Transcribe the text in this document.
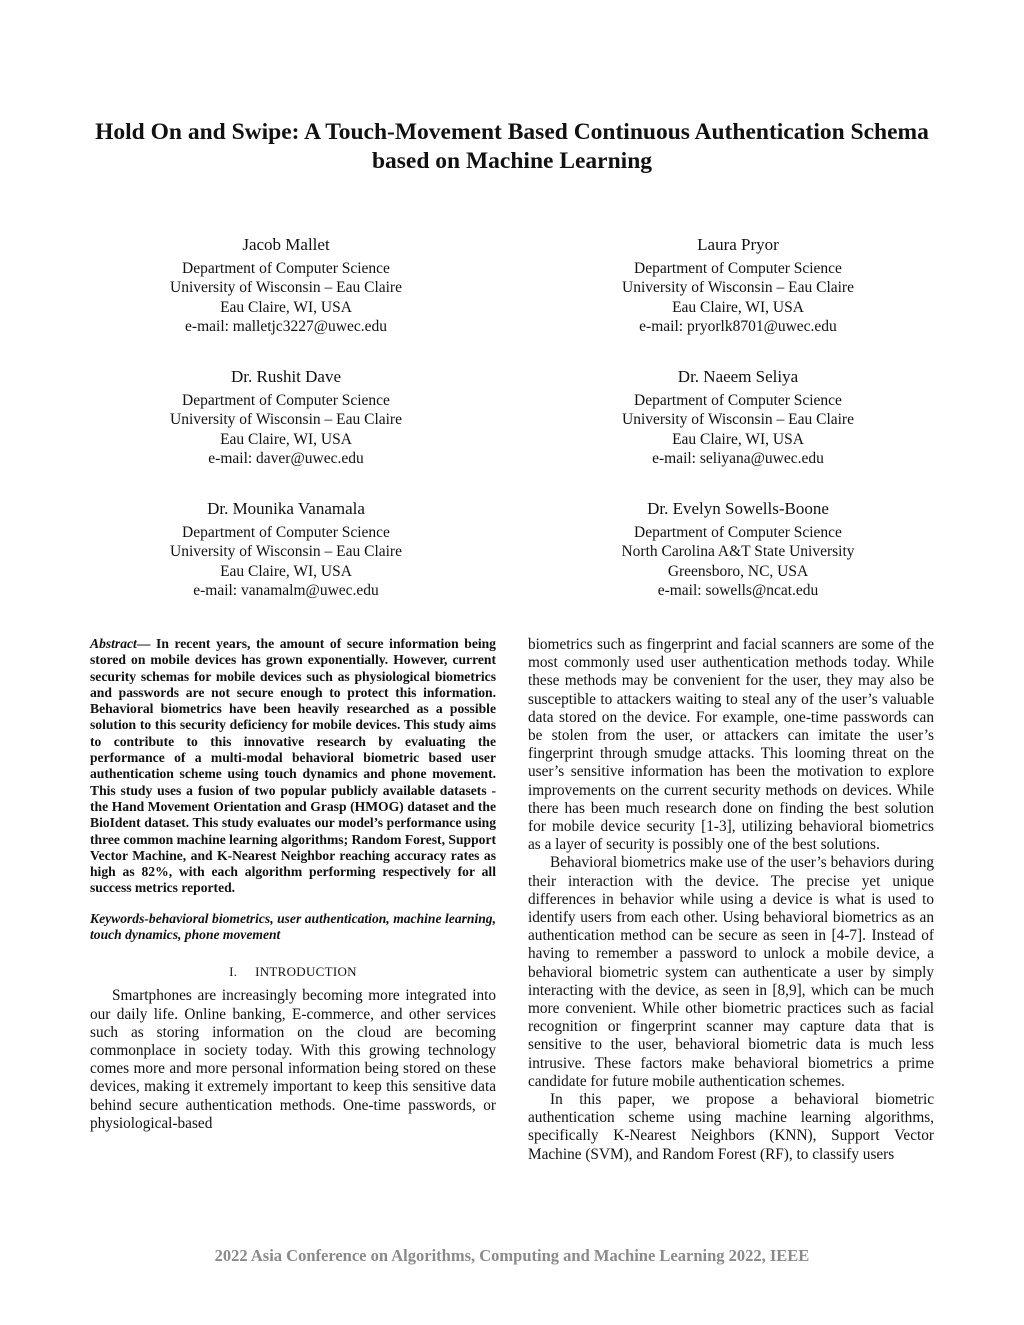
Hold On and Swipe: A Touch-Movement Based Continuous Authentication Schema
based on Machine Learning
Jacob Mallet
Department of Computer Science
University of Wisconsin – Eau Claire
Eau Claire, WI, USA
e-mail: malletjc3227@uwec.edu
Laura Pryor
Department of Computer Science
University of Wisconsin – Eau Claire
Eau Claire, WI, USA
e-mail: pryorlk8701@uwec.edu
Dr. Rushit Dave
Department of Computer Science
University of Wisconsin – Eau Claire
Eau Claire, WI, USA
e-mail: daver@uwec.edu
Dr. Naeem Seliya
Department of Computer Science
University of Wisconsin – Eau Claire
Eau Claire, WI, USA
e-mail: seliyana@uwec.edu
Dr. Mounika Vanamala
Department of Computer Science
University of Wisconsin – Eau Claire
Eau Claire, WI, USA
e-mail: vanamalm@uwec.edu
Dr. Evelyn Sowells-Boone
Department of Computer Science
North Carolina A&T State University
Greensboro, NC, USA
e-mail: sowells@ncat.edu

Abstract— In recent years, the amount of secure information being stored on mobile devices has grown exponentially. However, current security schemas for mobile devices such as physiological biometrics and passwords are not secure enough to protect this information. Behavioral biometrics have been heavily researched as a possible solution to this security deficiency for mobile devices. This study aims to contribute to this innovative research by evaluating the performance of a multi-modal behavioral biometric based user authentication scheme using touch dynamics and phone movement. This study uses a fusion of two popular publicly available datasets - the Hand Movement Orientation and Grasp (HMOG) dataset and the BioIdent dataset. This study evaluates our model’s performance using three common machine learning algorithms; Random Forest, Support Vector Machine, and K-Nearest Neighbor reaching accuracy rates as high as 82%, with each algorithm performing respectively for all success metrics reported.

Keywords-behavioral biometrics, user authentication, machine learning, touch dynamics, phone movement

I. INTRODUCTION

Smartphones are increasingly becoming more integrated into our daily life. Online banking, E-commerce, and other services such as storing information on the cloud are becoming commonplace in society today. With this growing technology comes more and more personal information being stored on these devices, making it extremely important to keep this sensitive data behind secure authentication methods. One-time passwords, or physiological-based

biometrics such as fingerprint and facial scanners are some of the most commonly used user authentication methods today. While these methods may be convenient for the user, they may also be susceptible to attackers waiting to steal any of the user’s valuable data stored on the device. For example, one-time passwords can be stolen from the user, or attackers can imitate the user’s fingerprint through smudge attacks. This looming threat on the user’s sensitive information has been the motivation to explore improvements on the current security methods on devices. While there has been much research done on finding the best solution for mobile device security [1-3], utilizing behavioral biometrics as a layer of security is possibly one of the best solutions.

Behavioral biometrics make use of the user’s behaviors during their interaction with the device. The precise yet unique differences in behavior while using a device is what is used to identify users from each other. Using behavioral biometrics as an authentication method can be secure as seen in [4-7]. Instead of having to remember a password to unlock a mobile device, a behavioral biometric system can authenticate a user by simply interacting with the device, as seen in [8,9], which can be much more convenient. While other biometric practices such as facial recognition or fingerprint scanner may capture data that is sensitive to the user, behavioral biometric data is much less intrusive. These factors make behavioral biometrics a prime candidate for future mobile authentication schemes.

In this paper, we propose a behavioral biometric authentication scheme using machine learning algorithms, specifically K-Nearest Neighbors (KNN), Support Vector Machine (SVM), and Random Forest (RF), to classify users

2022 Asia Conference on Algorithms, Computing and Machine Learning 2022, IEEE
